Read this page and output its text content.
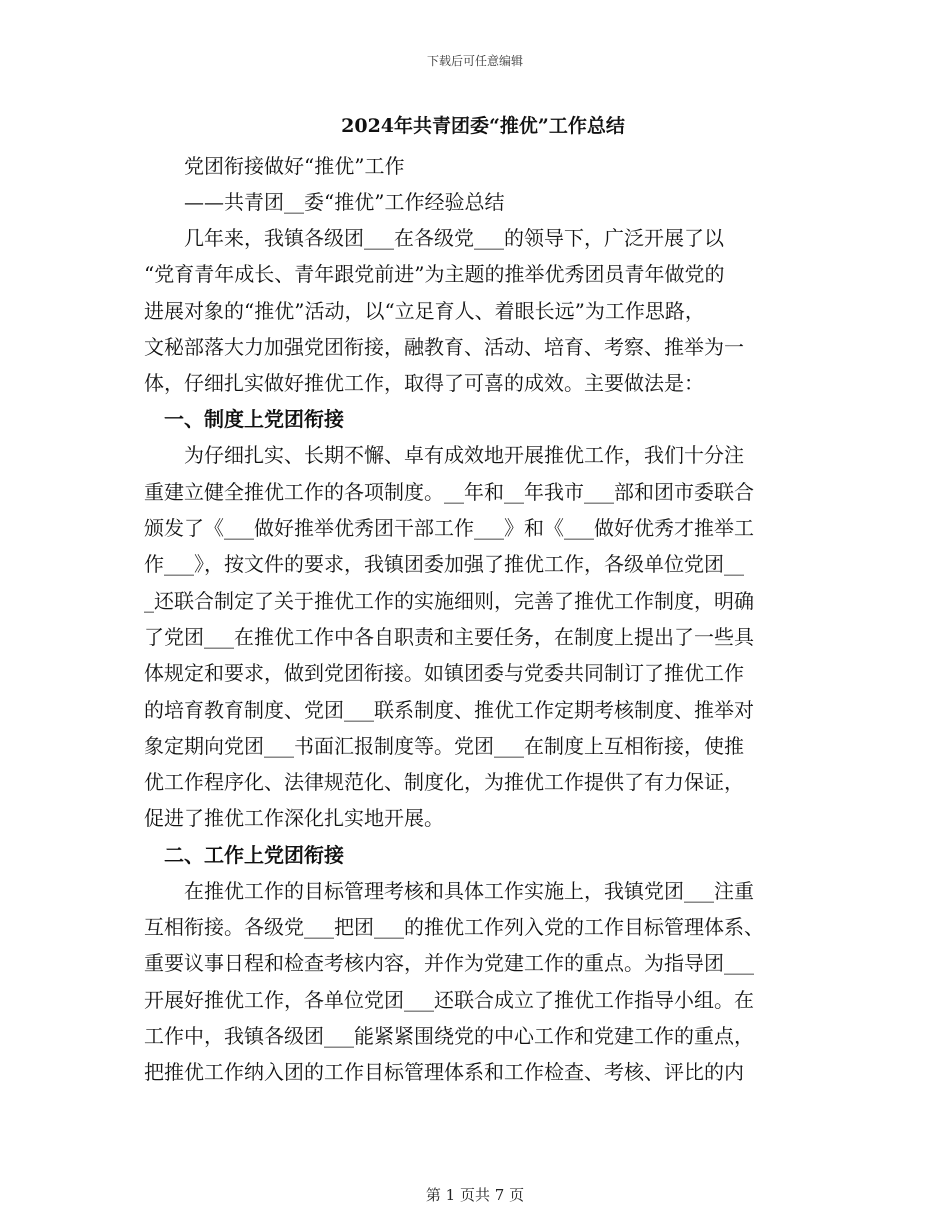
下载后可任意编辑
2024年共青团委“推优”工作总结

党团衔接做好“推优”工作

——共青团__委“推优”工作经验总结

几年来，我镇各级团___在各级党___的领导下，广泛开展了以

“党育青年成长、青年跟党前进”为主题的推举优秀团员青年做党的

进展对象的“推优”活动，以“立足育人、着眼长远”为工作思路，

文秘部落大力加强党团衔接，融教育、活动、培育、考察、推举为一

体，仔细扎实做好推优工作，取得了可喜的成效。主要做法是：

一、制度上党团衔接

为仔细扎实、长期不懈、卓有成效地开展推优工作，我们十分注

重建立健全推优工作的各项制度。__年和__年我市___部和团市委联合

颁发了《___做好推举优秀团干部工作___》和《___做好优秀才推举工

作___》，按文件的要求，我镇团委加强了推优工作，各级单位党团__

_还联合制定了关于推优工作的实施细则，完善了推优工作制度，明确

了党团___在推优工作中各自职责和主要任务，在制度上提出了一些具

体规定和要求，做到党团衔接。如镇团委与党委共同制订了推优工作

的培育教育制度、党团___联系制度、推优工作定期考核制度、推举对

象定期向党团___书面汇报制度等。党团___在制度上互相衔接，使推

优工作程序化、法律规范化、制度化，为推优工作提供了有力保证，

促进了推优工作深化扎实地开展。

二、工作上党团衔接

在推优工作的目标管理考核和具体工作实施上，我镇党团___注重

互相衔接。各级党___把团___的推优工作列入党的工作目标管理体系、

重要议事日程和检查考核内容，并作为党建工作的重点。为指导团___

开展好推优工作，各单位党团___还联合成立了推优工作指导小组。在

工作中，我镇各级团___能紧紧围绕党的中心工作和党建工作的重点，

把推优工作纳入团的工作目标管理体系和工作检查、考核、评比的内

第 1 页共 7 页
